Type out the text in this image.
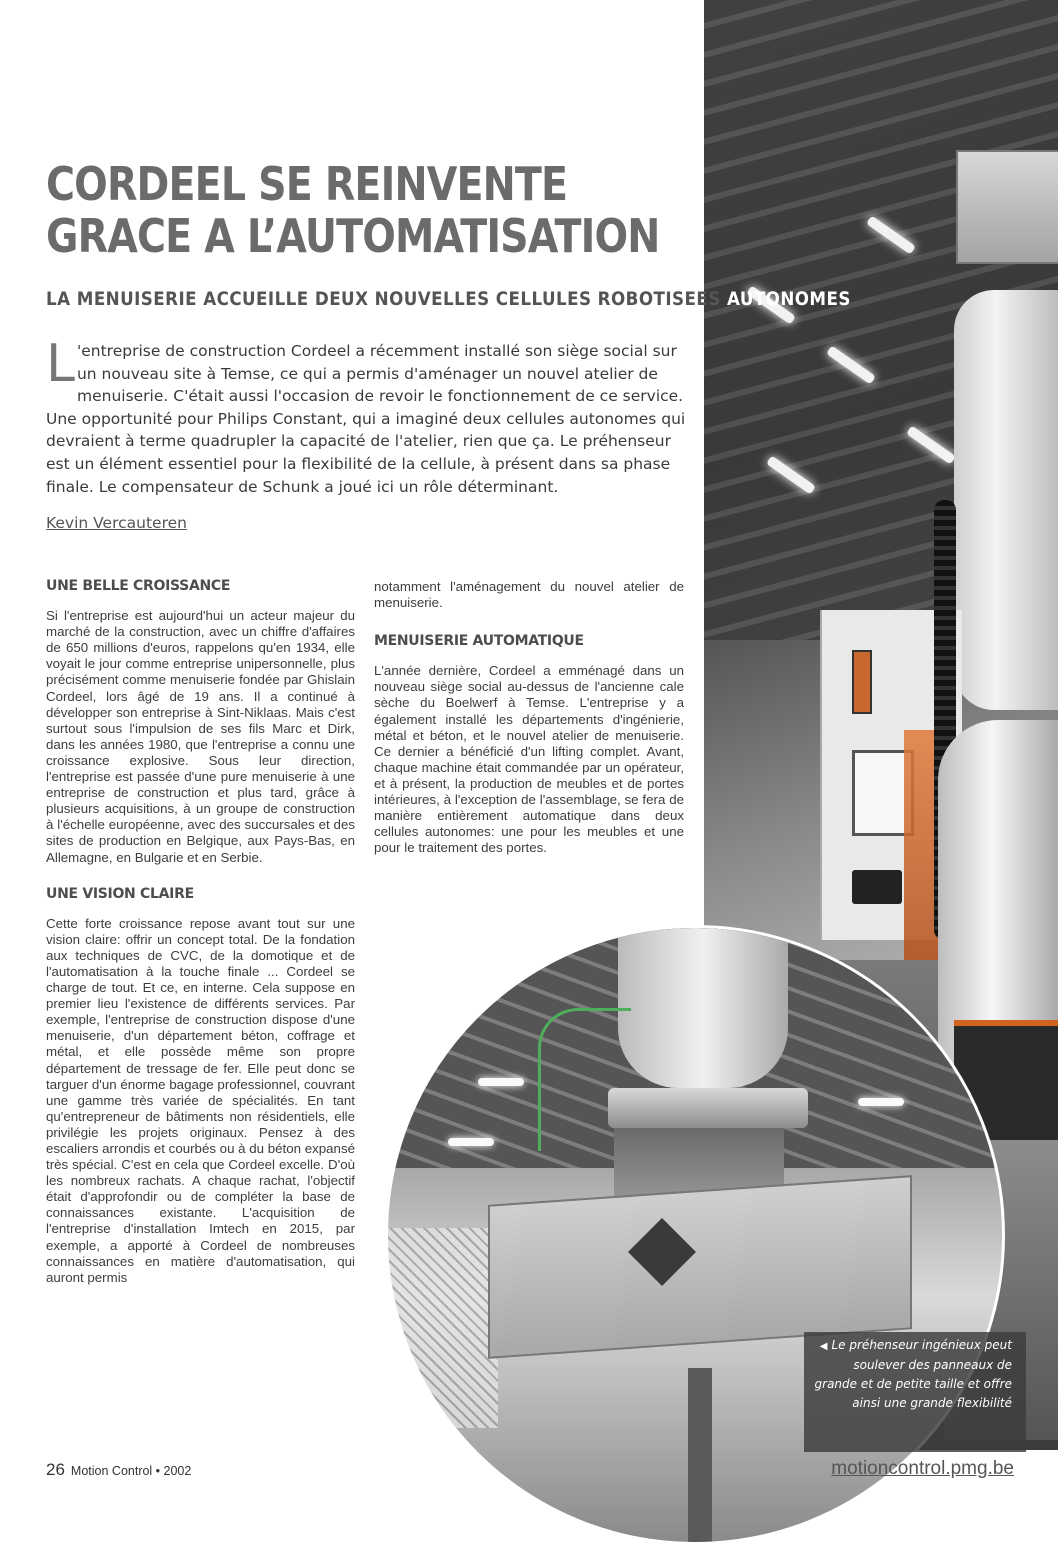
◀ Le préhenseur ingénieux peut soulever des panneaux de grande et de petite taille et offre ainsi une grande flexibilité
CORDEEL SE REINVENTE
GRACE A L’AUTOMATISATION
LA MENUISERIE ACCUEILLE DEUX NOUVELLES CELLULES ROBOTISEES AUTONOMES

L 'entreprise de construction Cordeel a récemment installé son siège social sur un nouveau site à Temse, ce qui a permis d'aménager un nouvel atelier de menuiserie. C'était aussi l'occasion de revoir le fonctionnement de ce service. Une opportunité pour Philips Constant, qui a imaginé deux cellules autonomes qui devraient à terme quadrupler la capacité de l'atelier, rien que ça. Le préhenseur est un élément essentiel pour la flexibilité de la cellule, à présent dans sa phase finale. Le compensateur de Schunk a joué ici un rôle déterminant.

Kevin Vercauteren
UNE BELLE CROISSANCE

Si l'entreprise est aujourd'hui un acteur majeur du marché de la construction, avec un chiffre d'affaires de 650 millions d'euros, rappelons qu'en 1934, elle voyait le jour comme entreprise unipersonnelle, plus précisément comme menuiserie fondée par Ghislain Cordeel, lors âgé de 19 ans. Il a continué à développer son entreprise à Sint-Niklaas. Mais c'est surtout sous l'impulsion de ses fils Marc et Dirk, dans les années 1980, que l'entreprise a connu une croissance explosive. Sous leur direction, l'entreprise est passée d'une pure menuiserie à une entreprise de construction et plus tard, grâce à plusieurs acquisitions, à un groupe de construction à l'échelle européenne, avec des succursales et des sites de production en Belgique, aux Pays-Bas, en Allemagne, en Bulgarie et en Serbie.

UNE VISION CLAIRE

Cette forte croissance repose avant tout sur une vision claire: offrir un concept total. De la fondation aux techniques de CVC, de la domotique et de l'automatisation à la touche finale ... Cordeel se charge de tout. Et ce, en interne. Cela suppose en premier lieu l'existence de différents services. Par exemple, l'entreprise de construction dispose d'une menuiserie, d'un département béton, coffrage et métal, et elle possède même son propre département de tressage de fer. Elle peut donc se targuer d'un énorme bagage professionnel, couvrant une gamme très variée de spécialités. En tant qu'entrepreneur de bâtiments non résidentiels, elle privilégie les projets originaux. Pensez à des escaliers arrondis et courbés ou à du béton expansé très spécial. C'est en cela que Cordeel excelle. D'où les nombreux rachats. A chaque rachat, l'objectif était d'approfondir ou de compléter la base de connaissances existante. L'acquisition de l'entreprise d'installation Imtech en 2015, par exemple, a apporté à Cordeel de nombreuses connaissances en matière d'automatisation, qui auront permis

notamment l'aménagement du nouvel atelier de menuiserie.

MENUISERIE AUTOMATIQUE

L'année dernière, Cordeel a emménagé dans un nouveau siège social au-dessus de l'ancienne cale sèche du Boelwerf à Temse. L'entreprise y a également installé les départements d'ingénierie, métal et béton, et le nouvel atelier de menuiserie. Ce dernier a bénéficié d'un lifting complet. Avant, chaque machine était commandée par un opérateur, et à présent, la production de meubles et de portes intérieures, à l'exception de l'assemblage, se fera de manière entièrement automatique dans deux cellules autonomes: une pour les meubles et une pour le traitement des portes.

26 Motion Control • 2002	motioncontrol.pmg.be
